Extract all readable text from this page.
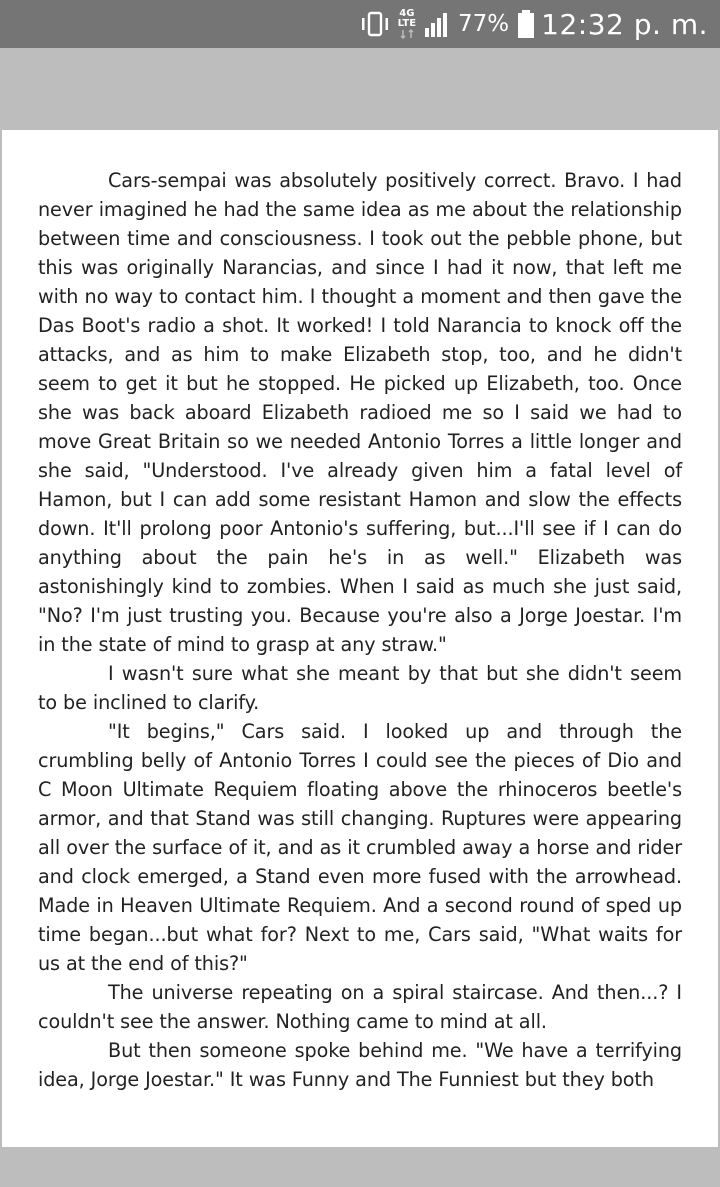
4G
LTE 77% 12:32 p. m.

Cars-sempai was absolutely positively correct. Bravo. I had never imagined he had the same idea as me about the relationship between time and consciousness. I took out the pebble phone, but this was originally Narancias, and since I had it now, that left me with no way to contact him. I thought a moment and then gave the Das Boot's radio a shot. It worked! I told Narancia to knock off the attacks, and as him to make Elizabeth stop, too, and he didn't seem to get it but he stopped. He picked up Elizabeth, too. Once she was back aboard Elizabeth radioed me so I said we had to move Great Britain so we needed Antonio Torres a little longer and she said, "Understood. I've already given him a fatal level of Hamon, but I can add some resistant Hamon and slow the effects down. It'll prolong poor Antonio's suffering, but...I'll see if I can do anything about the pain he's in as well." Elizabeth was astonishingly kind to zombies. When I said as much she just said, "No? I'm just trusting you. Because you're also a Jorge Joestar. I'm in the state of mind to grasp at any straw."

I wasn't sure what she meant by that but she didn't seem to be inclined to clarify.

"It begins," Cars said. I looked up and through the crumbling belly of Antonio Torres I could see the pieces of Dio and C Moon Ultimate Requiem floating above the rhinoceros beetle's armor, and that Stand was still changing. Ruptures were appearing all over the surface of it, and as it crumbled away a horse and rider and clock emerged, a Stand even more fused with the arrowhead. Made in Heaven Ultimate Requiem. And a second round of sped up time began...but what for? Next to me, Cars said, "What waits for us at the end of this?"

The universe repeating on a spiral staircase. And then...? I couldn't see the answer. Nothing came to mind at all.

But then someone spoke behind me. "We have a terrifying idea, Jorge Joestar." It was Funny and The Funniest but they both
